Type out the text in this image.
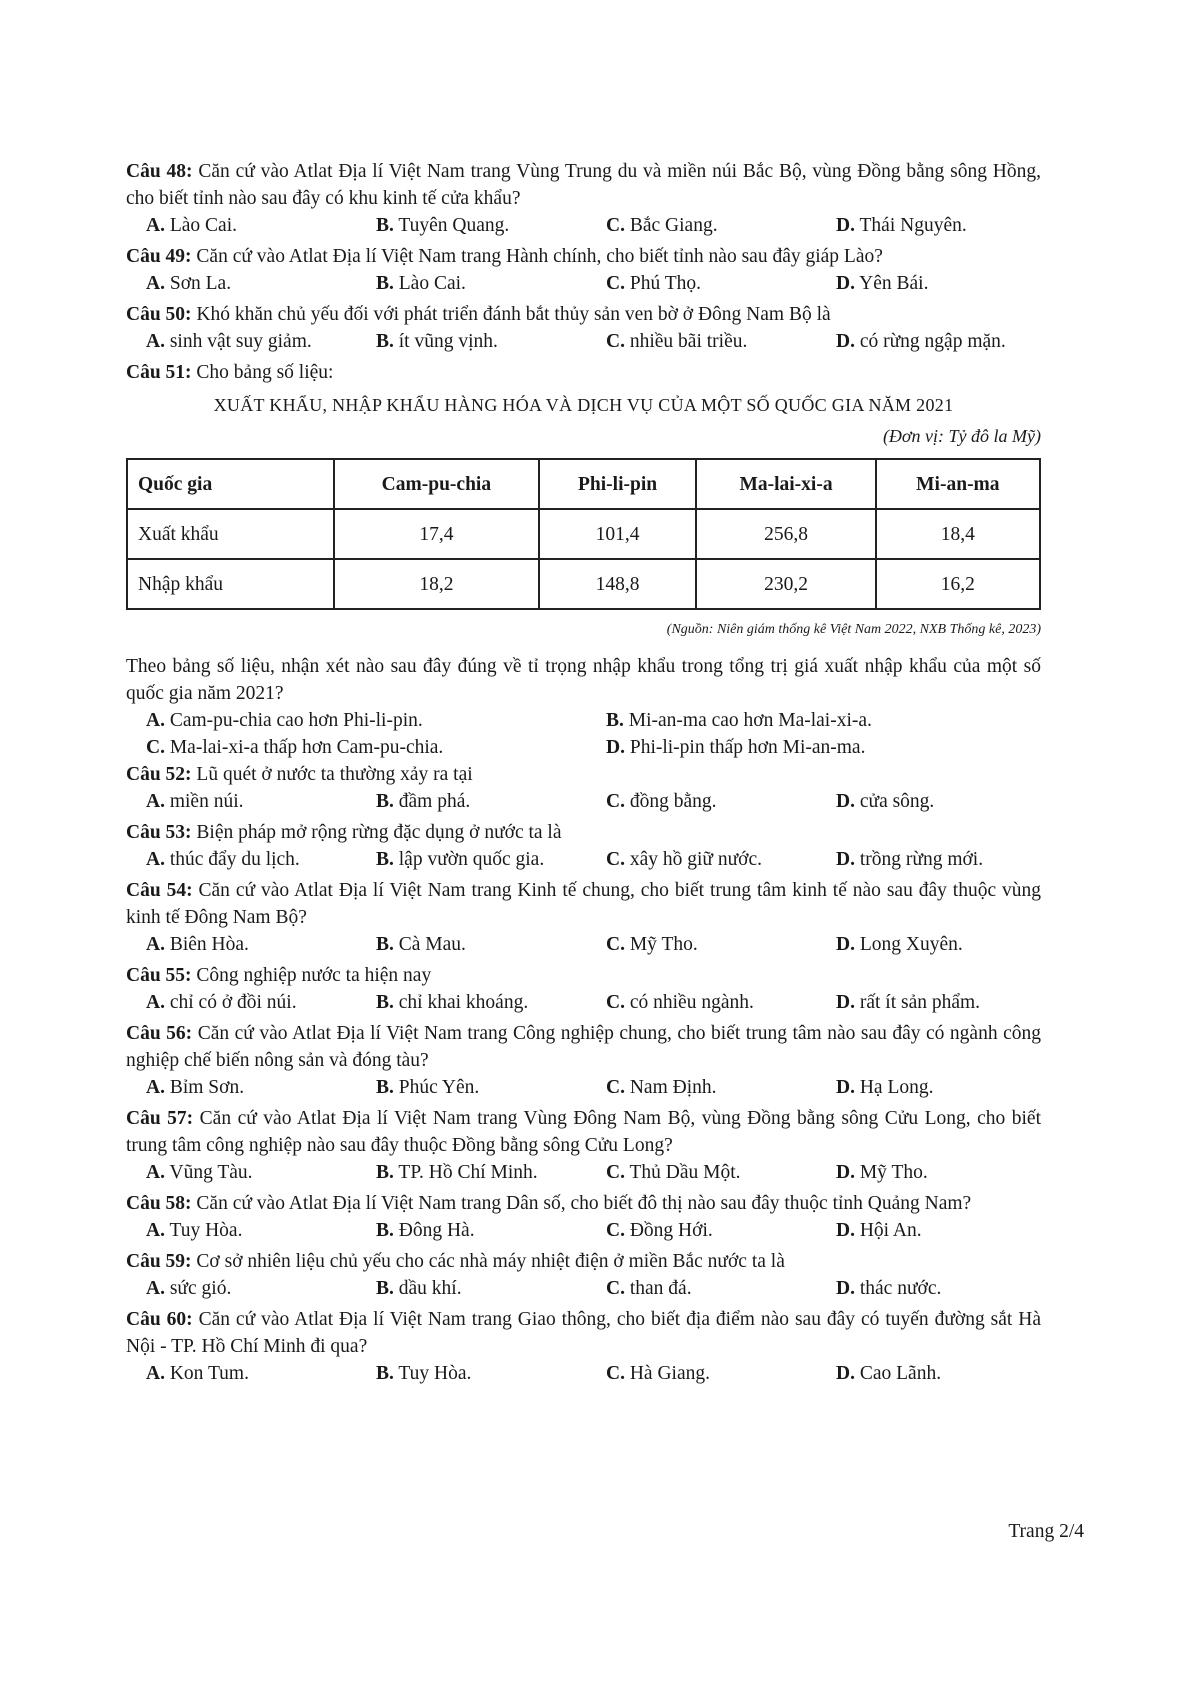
Câu 48: Căn cứ vào Atlat Địa lí Việt Nam trang Vùng Trung du và miền núi Bắc Bộ, vùng Đồng bằng sông Hồng, cho biết tỉnh nào sau đây có khu kinh tế cửa khẩu?
A. Lào Cai.	B. Tuyên Quang.	C. Bắc Giang.	D. Thái Nguyên.
Câu 49: Căn cứ vào Atlat Địa lí Việt Nam trang Hành chính, cho biết tỉnh nào sau đây giáp Lào?
A. Sơn La.	B. Lào Cai.	C. Phú Thọ.	D. Yên Bái.
Câu 50: Khó khăn chủ yếu đối với phát triển đánh bắt thủy sản ven bờ ở Đông Nam Bộ là
A. sinh vật suy giảm.	B. ít vũng vịnh.	C. nhiều bãi triều.	D. có rừng ngập mặn.
Câu 51: Cho bảng số liệu:
XUẤT KHẨU, NHẬP KHẨU HÀNG HÓA VÀ DỊCH VỤ CỦA MỘT SỐ QUỐC GIA NĂM 2021
(Đơn vị: Tỷ đô la Mỹ)
Quốc gia	Cam-pu-chia	Phi-li-pin	Ma-lai-xi-a	Mi-an-ma
Xuất khẩu	17,4	101,4	256,8	18,4
Nhập khẩu	18,2	148,8	230,2	16,2
(Nguồn: Niên giám thống kê Việt Nam 2022, NXB Thống kê, 2023)
Theo bảng số liệu, nhận xét nào sau đây đúng về tỉ trọng nhập khẩu trong tổng trị giá xuất nhập khẩu của một số quốc gia năm 2021?
A. Cam-pu-chia cao hơn Phi-li-pin.	B. Mi-an-ma cao hơn Ma-lai-xi-a.
C. Ma-lai-xi-a thấp hơn Cam-pu-chia.	D. Phi-li-pin thấp hơn Mi-an-ma.
Câu 52: Lũ quét ở nước ta thường xảy ra tại
A. miền núi.	B. đầm phá.	C. đồng bằng.	D. cửa sông.
Câu 53: Biện pháp mở rộng rừng đặc dụng ở nước ta là
A. thúc đẩy du lịch.	B. lập vườn quốc gia.	C. xây hồ giữ nước.	D. trồng rừng mới.
Câu 54: Căn cứ vào Atlat Địa lí Việt Nam trang Kinh tế chung, cho biết trung tâm kinh tế nào sau đây thuộc vùng kinh tế Đông Nam Bộ?
A. Biên Hòa.	B. Cà Mau.	C. Mỹ Tho.	D. Long Xuyên.
Câu 55: Công nghiệp nước ta hiện nay
A. chỉ có ở đồi núi.	B. chỉ khai khoáng.	C. có nhiều ngành.	D. rất ít sản phẩm.
Câu 56: Căn cứ vào Atlat Địa lí Việt Nam trang Công nghiệp chung, cho biết trung tâm nào sau đây có ngành công nghiệp chế biến nông sản và đóng tàu?
A. Bỉm Sơn.	B. Phúc Yên.	C. Nam Định.	D. Hạ Long.
Câu 57: Căn cứ vào Atlat Địa lí Việt Nam trang Vùng Đông Nam Bộ, vùng Đồng bằng sông Cửu Long, cho biết trung tâm công nghiệp nào sau đây thuộc Đồng bằng sông Cửu Long?
A. Vũng Tàu.	B. TP. Hồ Chí Minh.	C. Thủ Dầu Một.	D. Mỹ Tho.
Câu 58: Căn cứ vào Atlat Địa lí Việt Nam trang Dân số, cho biết đô thị nào sau đây thuộc tỉnh Quảng Nam?
A. Tuy Hòa.	B. Đông Hà.	C. Đồng Hới.	D. Hội An.
Câu 59: Cơ sở nhiên liệu chủ yếu cho các nhà máy nhiệt điện ở miền Bắc nước ta là
A. sức gió.	B. dầu khí.	C. than đá.	D. thác nước.
Câu 60: Căn cứ vào Atlat Địa lí Việt Nam trang Giao thông, cho biết địa điểm nào sau đây có tuyến đường sắt Hà Nội - TP. Hồ Chí Minh đi qua?
A. Kon Tum.	B. Tuy Hòa.	C. Hà Giang.	D. Cao Lãnh.
Trang 2/4
